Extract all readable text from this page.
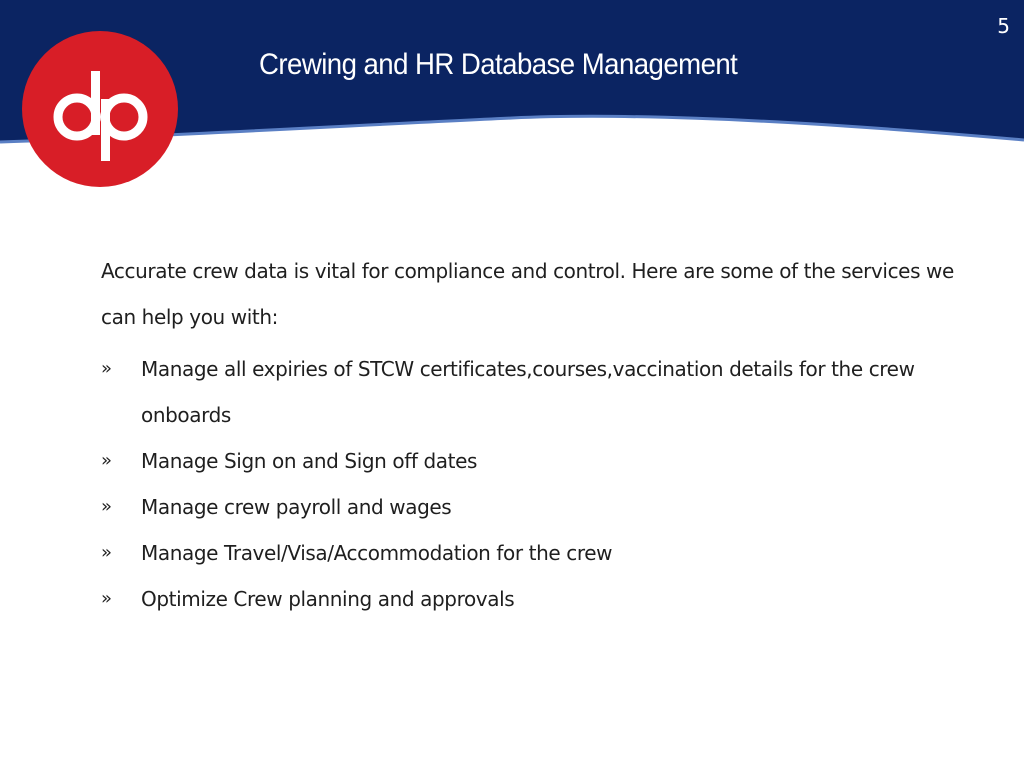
5
Crewing and HR Database Management

Accurate crew data is vital for compliance and control. Here are some of the services we can help you with:

» Manage all expiries of STCW certificates,courses,vaccination details for the crew onboards
» Manage Sign on and Sign off dates
» Manage crew payroll and wages
» Manage Travel/Visa/Accommodation for the crew
» Optimize Crew planning and approvals
